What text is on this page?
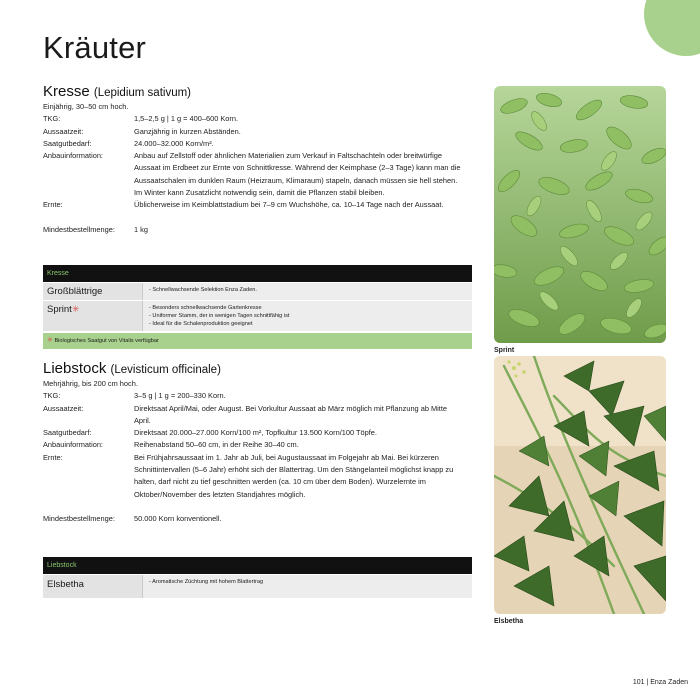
Kräuter
Kresse (Lepidium sativum)
Einjährig, 30–50 cm hoch.
TKG:	1,5–2,5 g | 1 g = 400–600 Korn.
Aussaatzeit:	Ganzjährig in kurzen Abständen.
Saatgutbedarf:	24.000–32.000 Korn/m².
Anbauinformation:	Anbau auf Zellstoff oder ähnlichen Materialien zum Verkauf in Faltschachteln oder breitwürfige Aussaat im Erdbeet zur Ernte von Schnittkresse. Während der Keimphase (2–3 Tage) kann man die Aussaatschalen im dunklen Raum (Heizraum, Klimaraum) stapeln, danach müssen sie hell stehen. Im Winter kann Zusatzlicht notwendig sein, damit die Pflanzen stabil bleiben.
Ernte:	Üblicherweise im Keimblattstadium bei 7–9 cm Wuchshöhe, ca. 10–14 Tage nach der Aussaat.
Mindestbestellmenge:	1 kg
Kresse
Großblättrige	- Schnellwachsende Selektion Enza Zaden.
Sprint✳	- Besonders schnellwachsende Gartenkresse
- Uniformer Stamm, der in wenigen Tagen schnittfähig ist
- Ideal für die Schalenproduktion geeignet
✳ Biologisches Saatgut von Vitalis verfügbar
Liebstock (Levisticum officinale)
Mehrjährig, bis 200 cm hoch.
TKG:	3–5 g | 1 g = 200–330 Korn.
Aussaatzeit:	Direktsaat April/Mai, oder August. Bei Vorkultur Aussaat ab März möglich mit Pflanzung ab Mitte April.
Saatgutbedarf:	Direktsaat 20.000–27.000 Korn/100 m², Topfkultur 13.500 Korn/100 Töpfe.
Anbauinformation:	Reihenabstand 50–60 cm, in der Reihe 30–40 cm.
Ernte:	Bei Frühjahrsaussaat im 1. Jahr ab Juli, bei Augustaussaat im Folgejahr ab Mai. Bei kürzeren Schnittintervallen (5–6 Jahr) erhöht sich der Blattertrag. Um den Stängelanteil möglichst knapp zu halten, darf nicht zu tief geschnitten werden (ca. 10 cm über dem Boden). Wurzelernte im Oktober/November des letzten Standjahres möglich.
Mindestbestellmenge:	50.000 Korn konventionell.
Liebstock
Elsbetha	- Aromatische Züchtung mit hohem Blattertrag
Sprint
Elsbetha
101 | Enza Zaden
